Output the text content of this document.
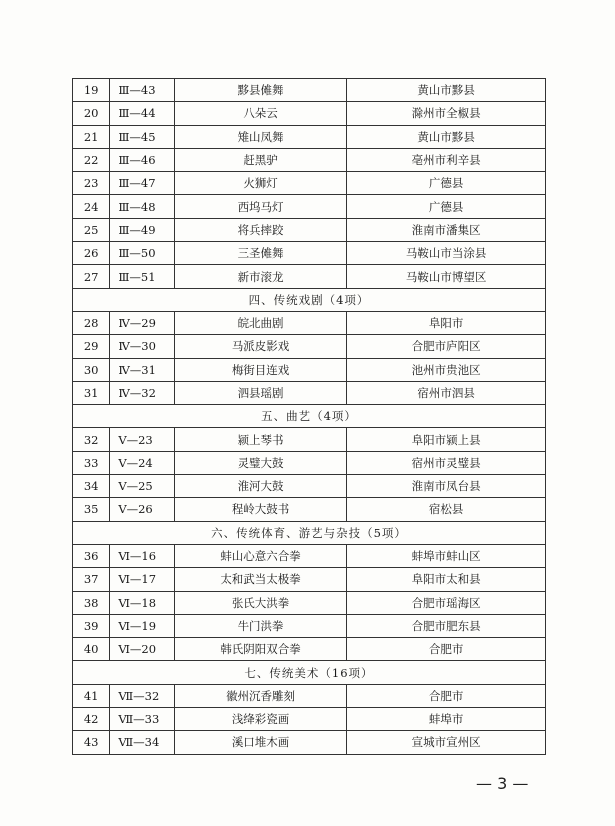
19	Ⅲ—43	黟县傩舞	黄山市黟县
20	Ⅲ—44	八朵云	滁州市全椒县
21	Ⅲ—45	雉山凤舞	黄山市黟县
22	Ⅲ—46	赶黑驴	亳州市利辛县
23	Ⅲ—47	火狮灯	广德县
24	Ⅲ—48	西坞马灯	广德县
25	Ⅲ—49	将兵摔跤	淮南市潘集区
26	Ⅲ—50	三圣傩舞	马鞍山市当涂县
27	Ⅲ—51	新市滚龙	马鞍山市博望区
四、传统戏剧（4项）			
28	Ⅳ—29	皖北曲剧	阜阳市
29	Ⅳ—30	马派皮影戏	合肥市庐阳区
30	Ⅳ—31	梅街目连戏	池州市贵池区
31	Ⅳ—32	泗县瑶剧	宿州市泗县
五、曲艺（4项）			
32	Ⅴ—23	颍上琴书	阜阳市颍上县
33	Ⅴ—24	灵璧大鼓	宿州市灵璧县
34	Ⅴ—25	淮河大鼓	淮南市凤台县
35	Ⅴ—26	程岭大鼓书	宿松县
六、传统体育、游艺与杂技（5项）			
36	Ⅵ—16	蚌山心意六合拳	蚌埠市蚌山区
37	Ⅵ—17	太和武当太极拳	阜阳市太和县
38	Ⅵ—18	张氏大洪拳	合肥市瑶海区
39	Ⅵ—19	牛门洪拳	合肥市肥东县
40	Ⅵ—20	韩氏阴阳双合拳	合肥市
七、传统美术（16项）			
41	Ⅶ—32	徽州沉香雕刻	合肥市
42	Ⅶ—33	浅绛彩瓷画	蚌埠市
43	Ⅶ—34	溪口堆木画	宣城市宣州区
— 3 —
